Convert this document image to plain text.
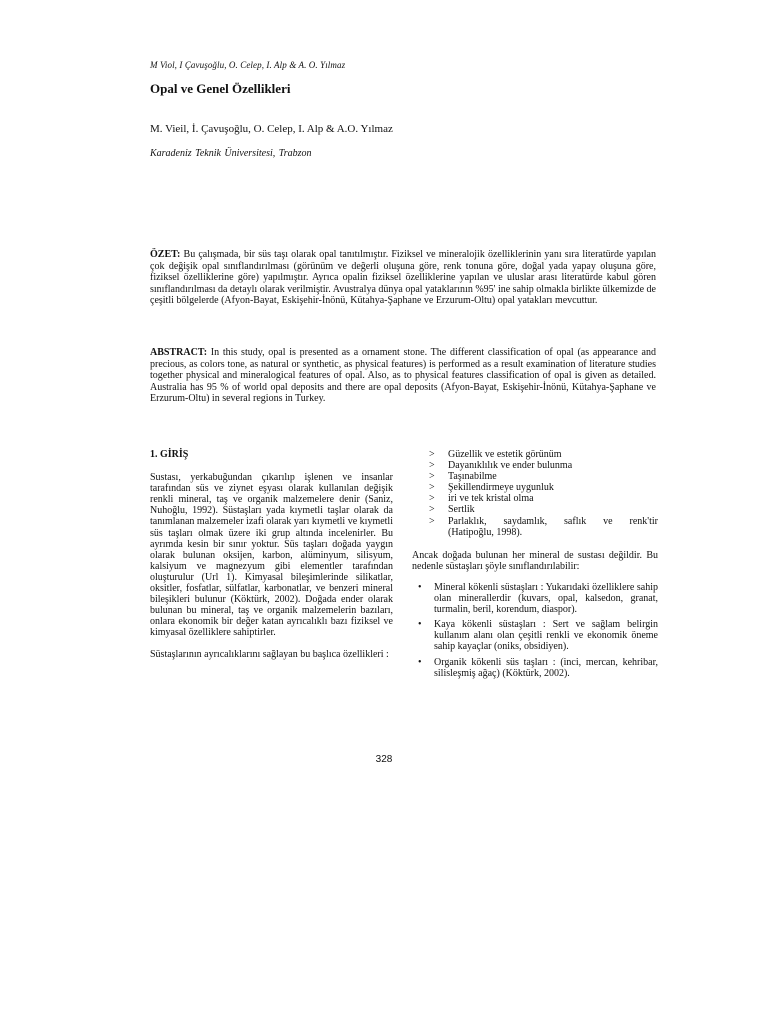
M Viol, I Çavuşoğlu, O. Celep, I. Alp & A. O. Yılmaz
Opal ve Genel Özellikleri
M. Vieil, İ. Çavuşoğlu, O. Celep, I. Alp & A.O. Yılmaz
Karadeniz Teknik Üniversitesi, Trabzon
ÖZET: Bu çalışmada, bir süs taşı olarak opal tanıtılmıştır. Fiziksel ve mineralojik özelliklerinin yanı sıra literatürde yapılan çok değişik opal sınıflandırılması (görünüm ve değerli oluşuna göre, renk tonuna göre, doğal yada yapay oluşuna göre, fiziksel özelliklerine göre) yapılmıştır. Ayrıca opalin fiziksel özelliklerine yapılan ve uluslar arası literatürde kabul gören sınıflandırılması da detaylı olarak verilmiştir. Avustralya dünya opal yataklarının %95' ine sahip olmakla birlikte ülkemizde de çeşitli bölgelerde (Afyon-Bayat, Eskişehir-İnönü, Kütahya-Şaphane ve Erzurum-Oltu) opal yatakları mevcuttur.
ABSTRACT: In this study, opal is presented as a ornament stone. The different classification of opal (as appearance and precious, as colors tone, as natural or synthetic, as physical features) is performed as a result examination of literature studies together physical and mineralogical features of opal. Also, as to physical features classification of opal is given as detailed. Australia has 95 % of world opal deposits and there are opal deposits (Afyon-Bayat, Eskişehir-İnönü, Kütahya-Şaphane ve Erzurum-Oltu) in several regions in Turkey.
1. GİRİŞ

Sustası, yerkabuğundan çıkarılıp işlenen ve insanlar tarafından süs ve ziynet eşyası olarak kullanılan değişik renkli mineral, taş ve organik malzemelere denir (Saniz, Nuhoğlu, 1992). Süstaşları yada kıymetli taşlar olarak da tanımlanan malzemeler izafi olarak yarı kıymetli ve kıymetli süs taşları olmak üzere iki grup altında incelenirler. Bu ayrımda kesin bir sınır yoktur. Süs taşları doğada yaygın olarak bulunan oksijen, karbon, alüminyum, silisyum, kalsiyum ve magnezyum gibi elementler tarafından oluşturulur (Url 1). Kimyasal bileşimlerinde silikatlar, oksitler, fosfatlar, sülfatlar, karbonatlar, ve benzeri mineral bileşikleri bulunur (Köktürk, 2002). Doğada ender olarak bulunan bu mineral, taş ve organik malzemelerin bazıları, onlara ekonomik bir değer katan ayrıcalıklı bazı fiziksel ve kimyasal özelliklere sahiptirler.

Süstaşlarının ayrıcalıklarını sağlayan bu başlıca özellikleri :

> Güzellik ve estetik görünüm
> Dayanıklılık ve ender bulunma
> Taşınabilme
> Şekillendirmeye uygunluk
> iri ve tek kristal olma
> Sertlik
> Parlaklık, saydamlık, saflık ve renk'tir
(Hatipoğlu, 1998).

Ancak doğada bulunan her mineral de sustası değildir. Bu nedenle süstaşları şöyle sınıflandırılabilir:

• Mineral kökenli süstaşları : Yukarıdaki özelliklere sahip olan minerallerdir (kuvars, opal, kalsedon, granat, turmalin, beril, korendum, diaspor).
• Kaya kökenli süstaşları : Sert ve sağlam belirgin kullanım alanı olan çeşitli renkli ve ekonomik öneme sahip kayaçlar (oniks, obsidiyen).
• Organik kökenli süs taşları : (inci, mercan, kehribar, silisleşmiş ağaç) (Köktürk, 2002).
328
